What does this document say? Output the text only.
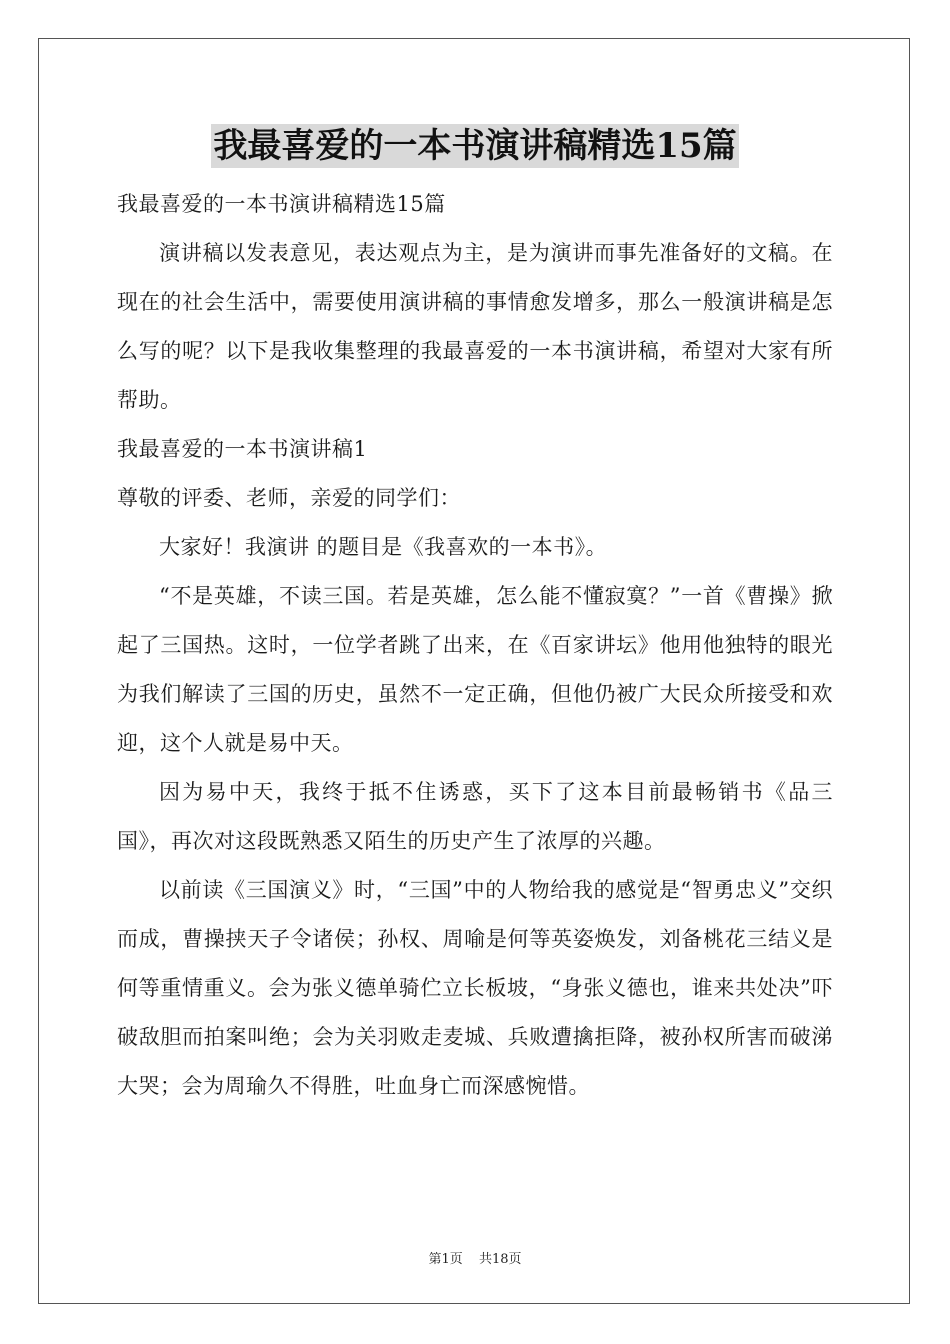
我最喜爱的一本书演讲稿精选15篇

我最喜爱的一本书演讲稿精选15篇

演讲稿以发表意见，表达观点为主，是为演讲而事先准备好的文稿。在现在的社会生活中，需要使用演讲稿的事情愈发增多，那么一般演讲稿是怎么写的呢？以下是我收集整理的我最喜爱的一本书演讲稿，希望对大家有所帮助。

我最喜爱的一本书演讲稿1

尊敬的评委、老师，亲爱的同学们：

大家好！我演讲 的题目是《我喜欢的一本书》。

“不是英雄，不读三国。若是英雄，怎么能不懂寂寞？”一首《曹操》掀起了三国热。这时，一位学者跳了出来，在《百家讲坛》他用他独特的眼光为我们解读了三国的历史，虽然不一定正确，但他仍被广大民众所接受和欢迎，这个人就是易中天。

因为易中天，我终于抵不住诱惑，买下了这本目前最畅销书《品三国》，再次对这段既熟悉又陌生的历史产生了浓厚的兴趣。

以前读《三国演义》时，“三国”中的人物给我的感觉是“智勇忠义”交织而成，曹操挟天子令诸侯；孙权、周喻是何等英姿焕发，刘备桃花三结义是何等重情重义。会为张义德单骑伫立长板坡，“身张义德也，谁来共处决”吓破敌胆而拍案叫绝；会为关羽败走麦城、兵败遭擒拒降，被孙权所害而破涕大哭；会为周瑜久不得胜，吐血身亡而深感惋惜。

第1页 共18页
